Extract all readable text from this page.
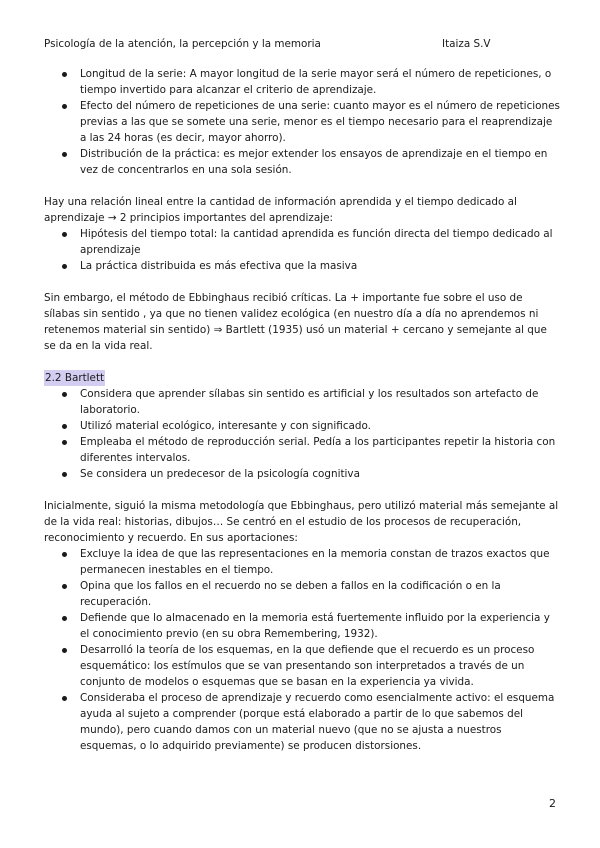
Psicología de la atención, la percepción y la memoria	Itaiza S.V
Longitud de la serie: A mayor longitud de la serie mayor será el número de repeticiones, o tiempo invertido para alcanzar el criterio de aprendizaje.
Efecto del número de repeticiones de una serie: cuanto mayor es el número de repeticiones previas a las que se somete una serie, menor es el tiempo necesario para el reaprendizaje a las 24 horas (es decir, mayor ahorro).
Distribución de la práctica: es mejor extender los ensayos de aprendizaje en el tiempo en vez de concentrarlos en una sola sesión.

Hay una relación lineal entre la cantidad de información aprendida y el tiempo dedicado al aprendizaje → 2 principios importantes del aprendizaje:

Hipótesis del tiempo total: la cantidad aprendida es función directa del tiempo dedicado al aprendizaje
La práctica distribuida es más efectiva que la masiva

Sin embargo, el método de Ebbinghaus recibió críticas. La + importante fue sobre el uso de sílabas sin sentido , ya que no tienen validez ecológica (en nuestro día a día no aprendemos ni retenemos material sin sentido) ⇒ Bartlett (1935) usó un material + cercano y semejante al que se da en la vida real.

2.2 Bartlett

Considera que aprender sílabas sin sentido es artificial y los resultados son artefacto de laboratorio.
Utilizó material ecológico, interesante y con significado.
Empleaba el método de reproducción serial. Pedía a los participantes repetir la historia con diferentes intervalos.
Se considera un predecesor de la psicología cognitiva

Inicialmente, siguió la misma metodología que Ebbinghaus, pero utilizó material más semejante al de la vida real: historias, dibujos… Se centró en el estudio de los procesos de recuperación, reconocimiento y recuerdo. En sus aportaciones:

Excluye la idea de que las representaciones en la memoria constan de trazos exactos que permanecen inestables en el tiempo.
Opina que los fallos en el recuerdo no se deben a fallos en la codificación o en la recuperación.
Defiende que lo almacenado en la memoria está fuertemente influido por la experiencia y el conocimiento previo (en su obra Remembering, 1932).
Desarrolló la teoría de los esquemas, en la que defiende que el recuerdo es un proceso esquemático: los estímulos que se van presentando son interpretados a través de un conjunto de modelos o esquemas que se basan en la experiencia ya vivida.
Consideraba el proceso de aprendizaje y recuerdo como esencialmente activo: el esquema ayuda al sujeto a comprender (porque está elaborado a partir de lo que sabemos del mundo), pero cuando damos con un material nuevo (que no se ajusta a nuestros esquemas, o lo adquirido previamente) se producen distorsiones.
2
